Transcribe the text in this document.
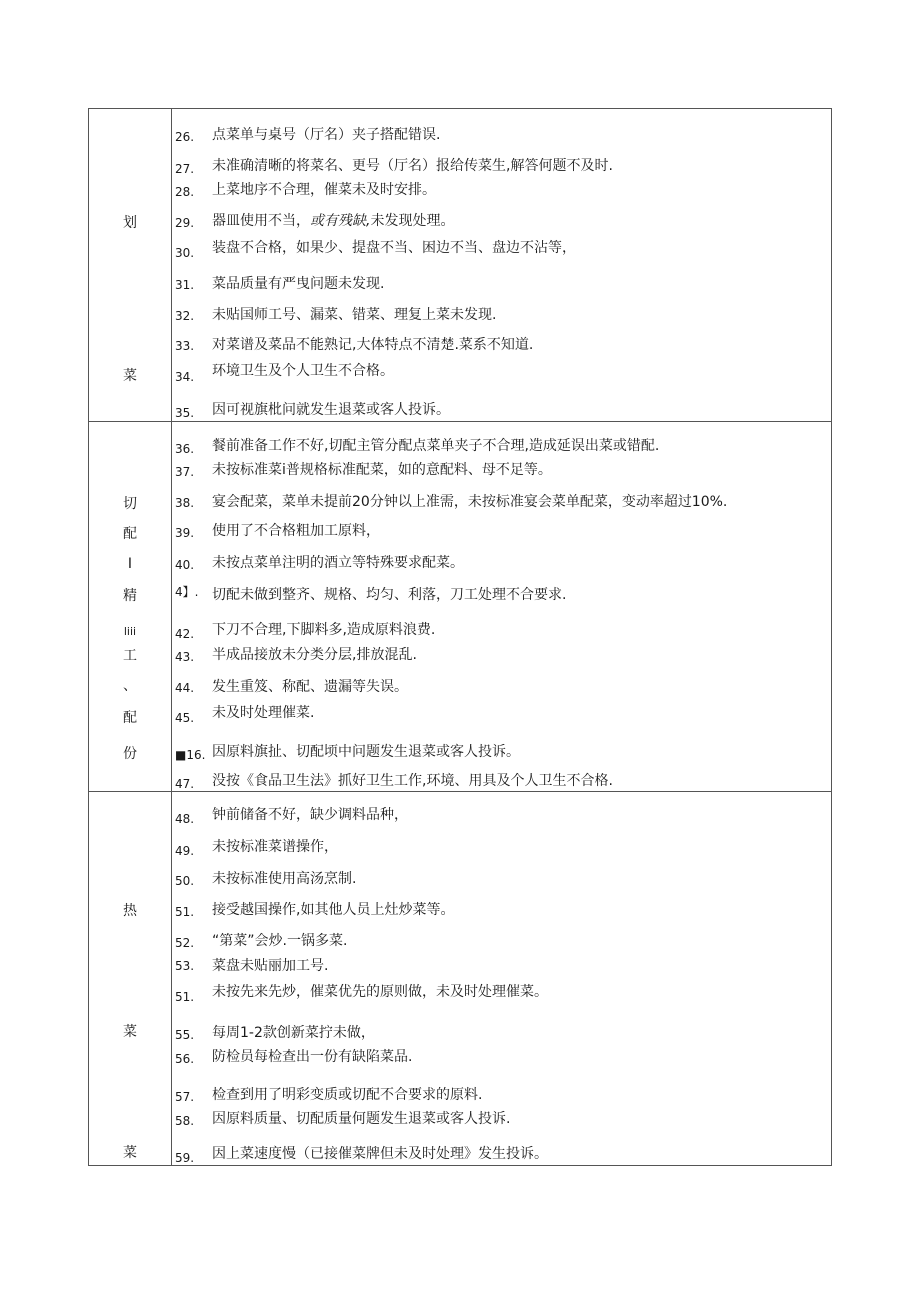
划
菜
切
配
I
精
liii
工
、
配
份
热
菜
菜
26. 点菜单与桌号（厅名）夹子搭配错误.
27. 未准确清晰的将菜名、更号（厅名）报给传菜生,解答何题不及时.
28. 上菜地序不合理，催菜未及时安排。
29. 器皿使用不当，或有残缺,未发现处理。
30. 装盘不合格，如果少、提盘不当、困边不当、盘边不沾等，
31. 菜品质量有严曳问题未发现.
32. 未贴国师工号、漏菜、错菜、理复上菜未发现.
33. 对菜谱及菜品不能熟记,大体特点不清楚.菜系不知道.
34. 环境卫生及个人卫生不合格。
35. 因可视旗枇问就发生退菜或客人投诉。
36. 餐前准备工作不好,切配主管分配点菜单夹子不合理,造成延误出菜或错配.
37. 未按标准菜i普规格标准配菜，如的意配料、母不足等。
38. 宴会配菜，菜单未提前20分钟以上准需，未按标准宴会菜单配菜，变动率超过10%.
39. 使用了不合格粗加工原料，
40. 未按点菜单注明的酒立等特殊要求配菜。
4】. 切配未做到整齐、规格、均匀、利落，刀工处理不合要求.
42. 下刀不合理,下脚料多,造成原料浪费.
43. 半成品接放未分类分层,排放混乱.
44. 发生重笈、称配、遗漏等失误。
45. 未及时处理催菜.
■16. 因原料旗扯、切配顷中问题发生退菜或客人投诉。
47. 没按《食品卫生法》抓好卫生工作,环境、用具及个人卫生不合格.
48. 钟前储备不好，缺少调料品种，
49. 未按标准菜谱操作，
50. 未按标准使用高汤烹制.
51. 接受越国操作,如其他人员上灶炒菜等。
52. “第菜”会炒.一锅多菜.
53. 菜盘未贴丽加工号.
51. 未按先来先炒，催菜优先的原则做，未及时处理催菜。
55. 每周1-2款创新菜拧未做，
56. 防检员每检查出一份有缺陷菜品.
57. 检查到用了明彩变质或切配不合要求的原料.
58. 因原料质量、切配质量何题发生退菜或客人投诉.
59. 因上菜速度慢（已接催菜牌但未及时处理》发生投诉。
